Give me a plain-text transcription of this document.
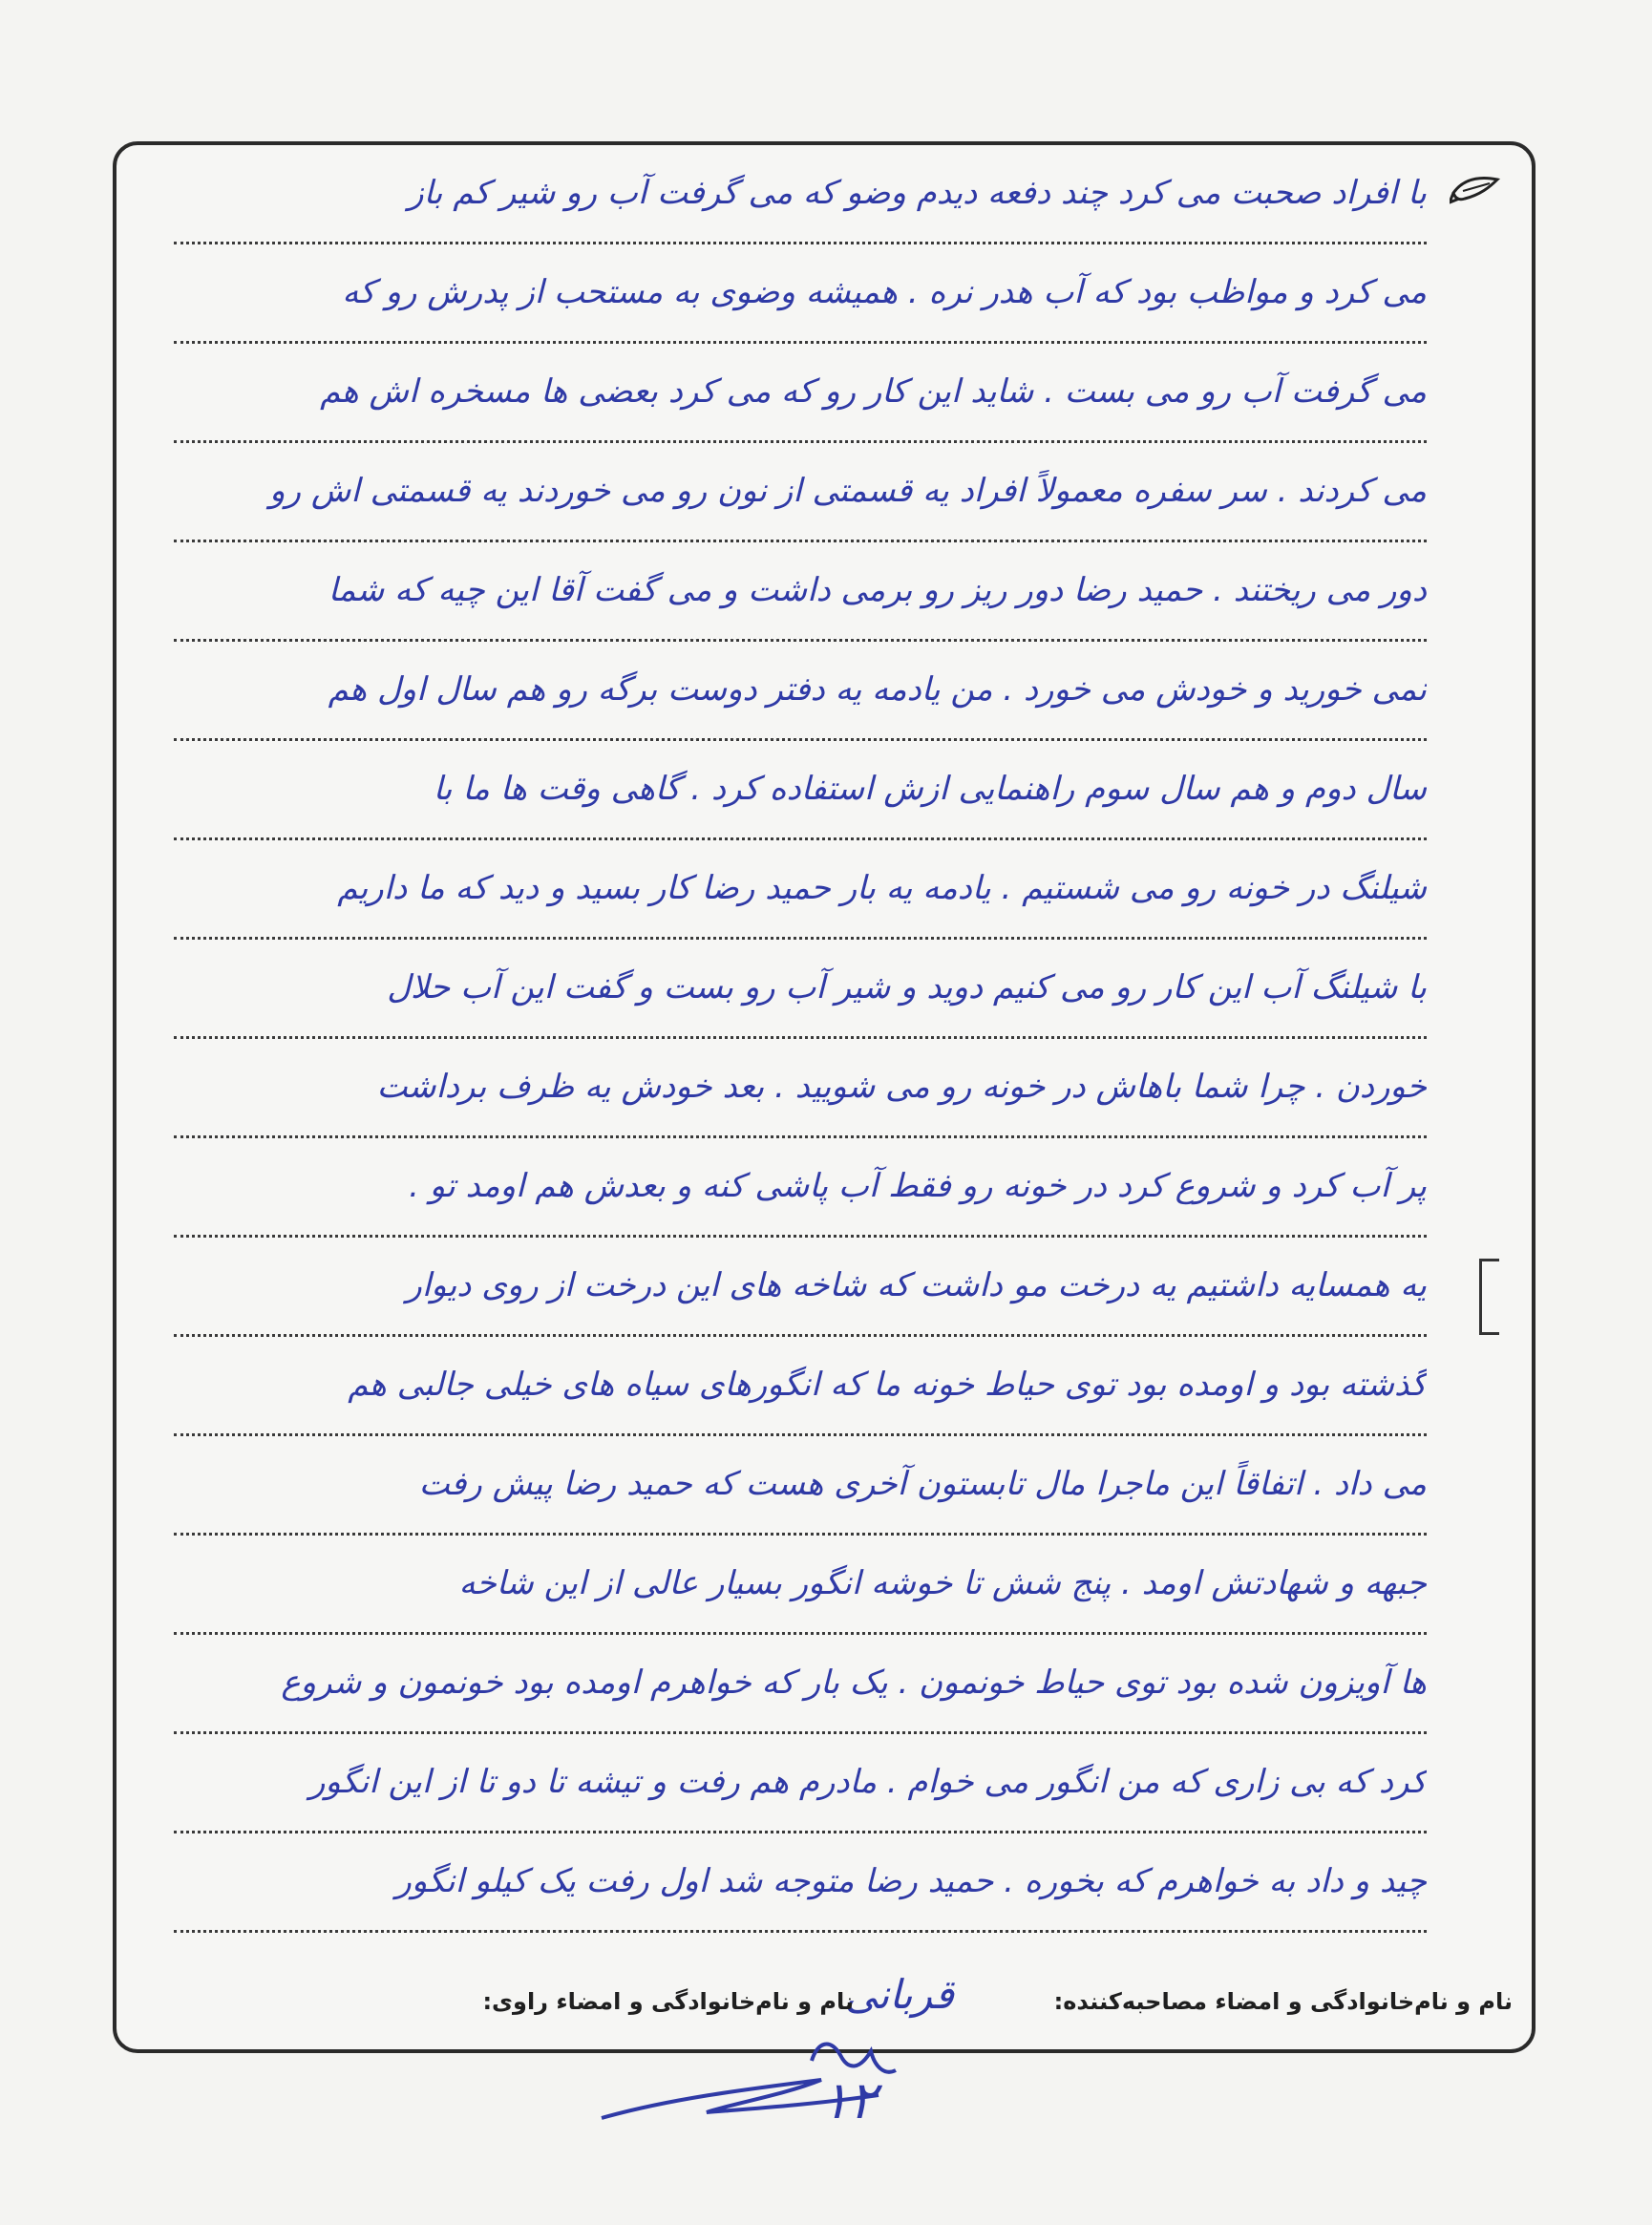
با افراد صحبت می کرد چند دفعه دیدم وضو که می گرفت آب رو شیر کم باز
می کرد و مواظب بود که آب هدر نره . همیشه وضوی به مستحب از پدرش رو که
می گرفت آب رو می بست . شاید این کار رو که می کرد بعضی ها مسخره اش هم
می کردند . سر سفره معمولاً افراد یه قسمتی از نون رو می خوردند یه قسمتی اش رو
دور می ریختند . حمید رضا دور ریز رو برمی داشت و می گفت آقا این چیه که شما
نمی خورید و خودش می خورد . من یادمه یه دفتر دوست برگه رو هم سال اول هم
سال دوم و هم سال سوم راهنمایی ازش استفاده کرد . گاهی وقت ها ما با
شیلنگ در خونه رو می شستیم . یادمه یه بار حمید رضا کار بسید و دید که ما داریم
با شیلنگ آب این کار رو می کنیم دوید و شیر آب رو بست و گفت این آب حلال
خوردن . چرا شما باهاش در خونه رو می شویید . بعد خودش یه ظرف برداشت
پر آب کرد و شروع کرد در خونه رو فقط آب پاشی کنه و بعدش هم اومد تو .
یه همسایه داشتیم یه درخت مو داشت که شاخه های این درخت از روی دیوار
گذشته بود و اومده بود توی حیاط خونه ما که انگورهای سیاه های خیلی جالبی هم
می داد . اتفاقاً این ماجرا مال تابستون آخری هست که حمید رضا پیش رفت
جبهه و شهادتش اومد . پنج شش تا خوشه انگور بسیار عالی از این شاخه
ها آویزون شده بود توی حیاط خونمون . یک بار که خواهرم اومده بود خونمون و شروع
کرد که بی زاری که من انگور می خوام . مادرم هم رفت و تیشه تا دو تا از این انگور
چید و داد به خواهرم که بخوره . حمید رضا متوجه شد اول رفت یک کیلو انگور
نام و نام‌خانوادگی و امضاء مصاحبه‌کننده:
قربانی
نام و نام‌خانوادگی و امضاء راوی:
۱۲
